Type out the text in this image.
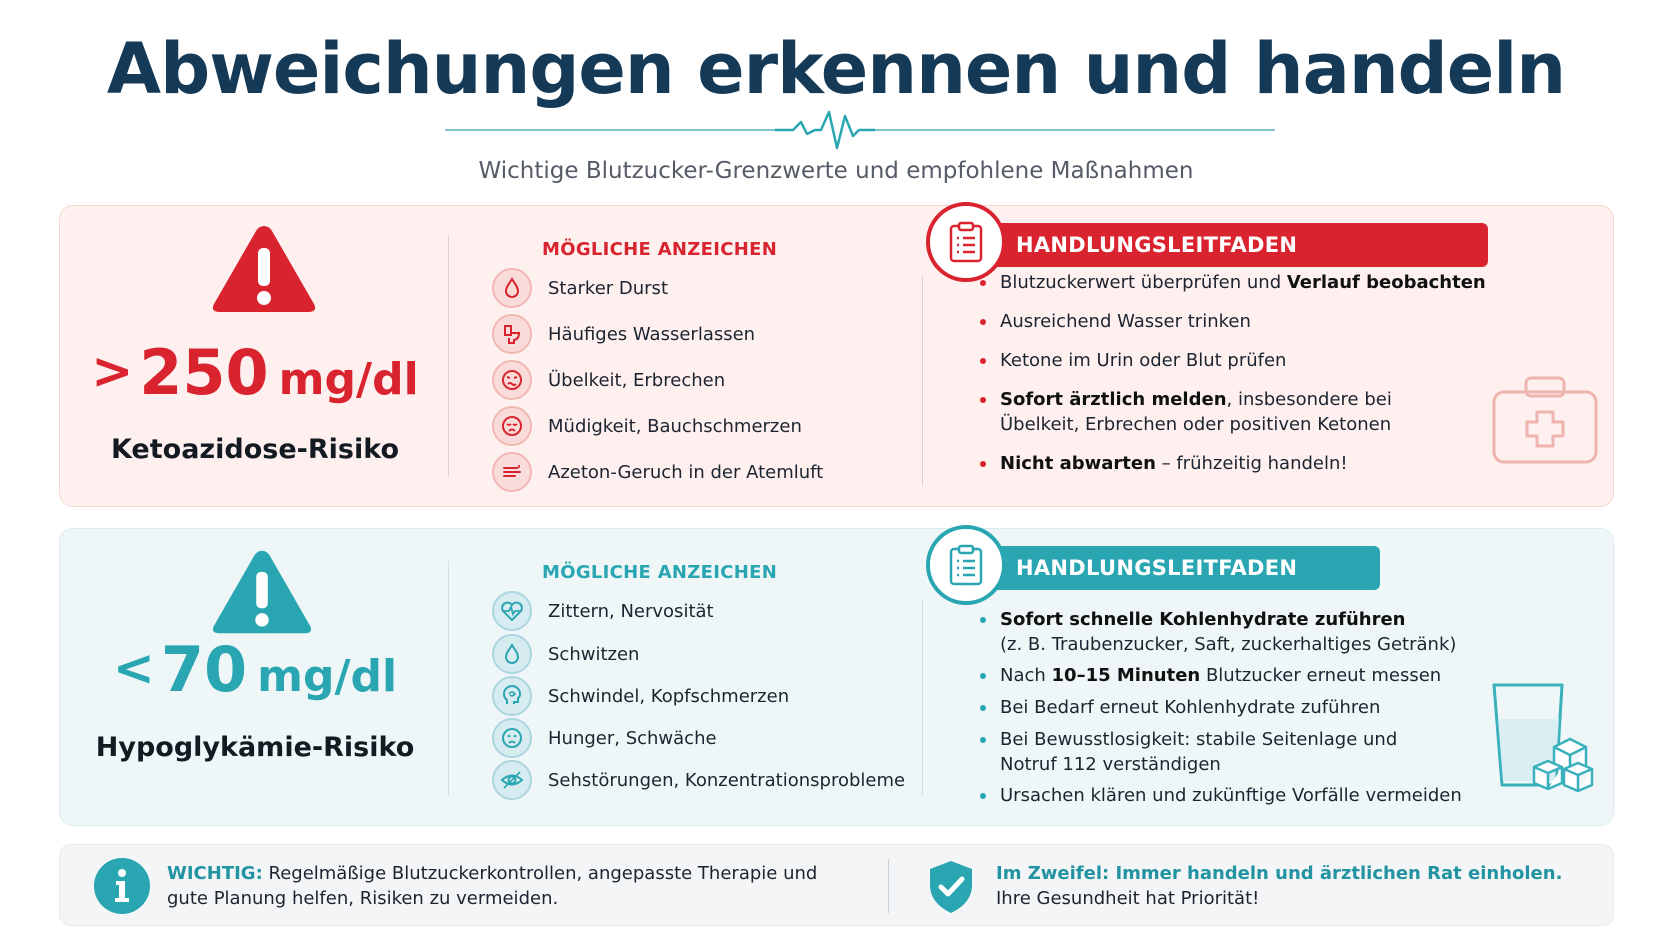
Abweichungen erkennen und handeln
Wichtige Blutzucker-Grenzwerte und empfohlene Maßnahmen
>250 mg/dl
Ketoazidose-Risiko
MÖGLICHE ANZEICHEN
Starker Durst
Häufiges Wasserlassen
Übelkeit, Erbrechen
Müdigkeit, Bauchschmerzen
Azeton-Geruch in der Atemluft
HANDLUNGSLEITFADEN
Blutzuckerwert überprüfen und Verlauf beobachten
Ausreichend Wasser trinken
Ketone im Urin oder Blut prüfen
Sofort ärztlich melden, insbesondere bei
Übelkeit, Erbrechen oder positiven Ketonen
Nicht abwarten – frühzeitig handeln!
<70 mg/dl
Hypoglykämie-Risiko
MÖGLICHE ANZEICHEN
Zittern, Nervosität
Schwitzen
Schwindel, Kopfschmerzen
Hunger, Schwäche
Sehstörungen, Konzentrationsprobleme
HANDLUNGSLEITFADEN
Sofort schnelle Kohlenhydrate zuführen
(z. B. Traubenzucker, Saft, zuckerhaltiges Getränk)
Nach 10–15 Minuten Blutzucker erneut messen
Bei Bedarf erneut Kohlenhydrate zuführen
Bei Bewusstlosigkeit: stabile Seitenlage und
Notruf 112 verständigen
Ursachen klären und zukünftige Vorfälle vermeiden
WICHTIG: Regelmäßige Blutzuckerkontrollen, angepasste Therapie und
gute Planung helfen, Risiken zu vermeiden.
Im Zweifel: Immer handeln und ärztlichen Rat einholen.
Ihre Gesundheit hat Priorität!
